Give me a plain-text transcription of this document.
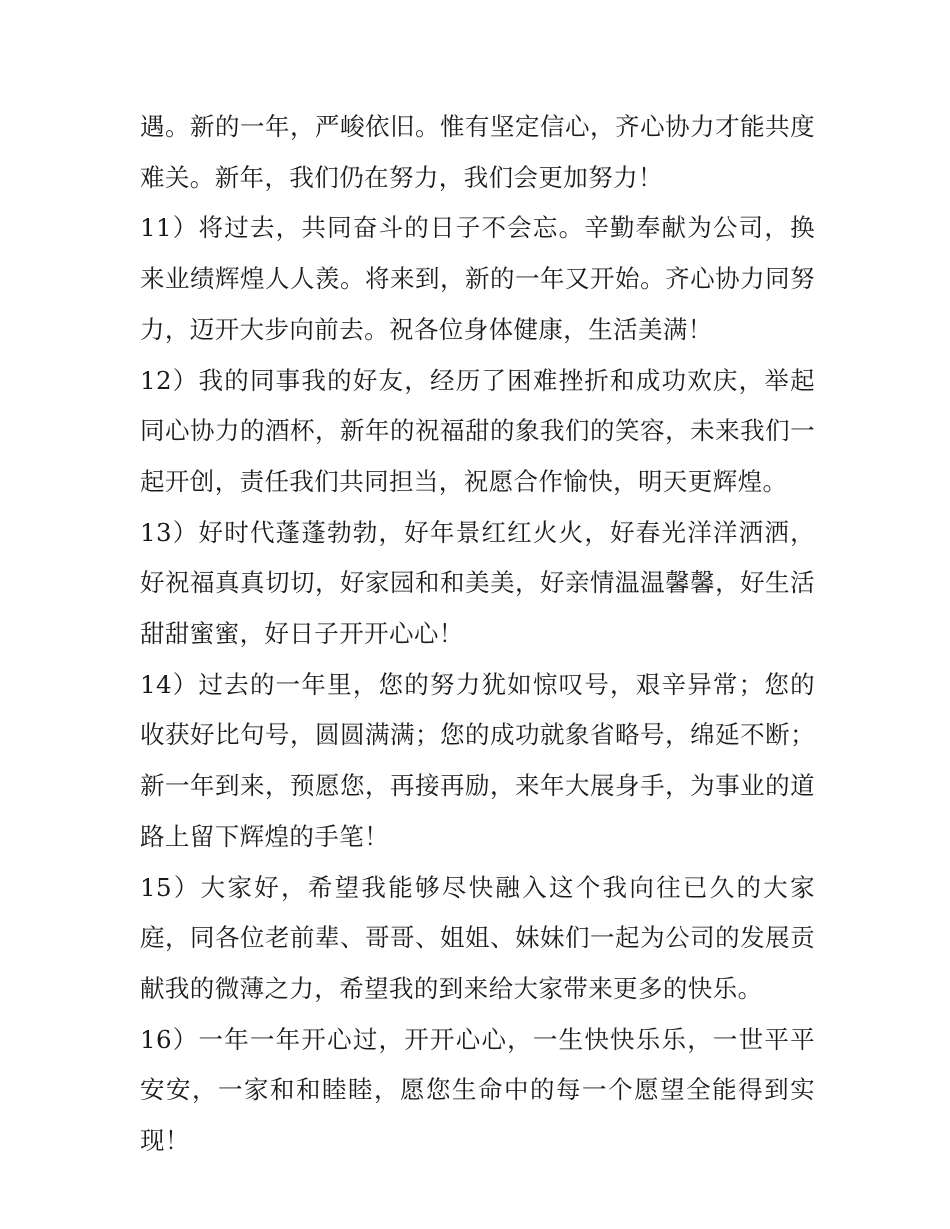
遇。新的一年，严峻依旧。惟有坚定信心，齐心协力才能共度难关。新年，我们仍在努力，我们会更加努力！

11）将过去，共同奋斗的日子不会忘。辛勤奉献为公司，换来业绩辉煌人人羡。将来到，新的一年又开始。齐心协力同努力，迈开大步向前去。祝各位身体健康，生活美满！

12）我的同事我的好友，经历了困难挫折和成功欢庆，举起同心协力的酒杯，新年的祝福甜的象我们的笑容，未来我们一起开创，责任我们共同担当，祝愿合作愉快，明天更辉煌。

13）好时代蓬蓬勃勃，好年景红红火火，好春光洋洋洒洒，好祝福真真切切，好家园和和美美，好亲情温温馨馨，好生活甜甜蜜蜜，好日子开开心心！

14）过去的一年里，您的努力犹如惊叹号，艰辛异常；您的收获好比句号，圆圆满满；您的成功就象省略号，绵延不断；新一年到来，预愿您，再接再励，来年大展身手，为事业的道路上留下辉煌的手笔！

15）大家好，希望我能够尽快融入这个我向往已久的大家庭，同各位老前辈、哥哥、姐姐、妹妹们一起为公司的发展贡献我的微薄之力，希望我的到来给大家带来更多的快乐。

16）一年一年开心过，开开心心，一生快快乐乐，一世平平安安，一家和和睦睦，愿您生命中的每一个愿望全能得到实现！
